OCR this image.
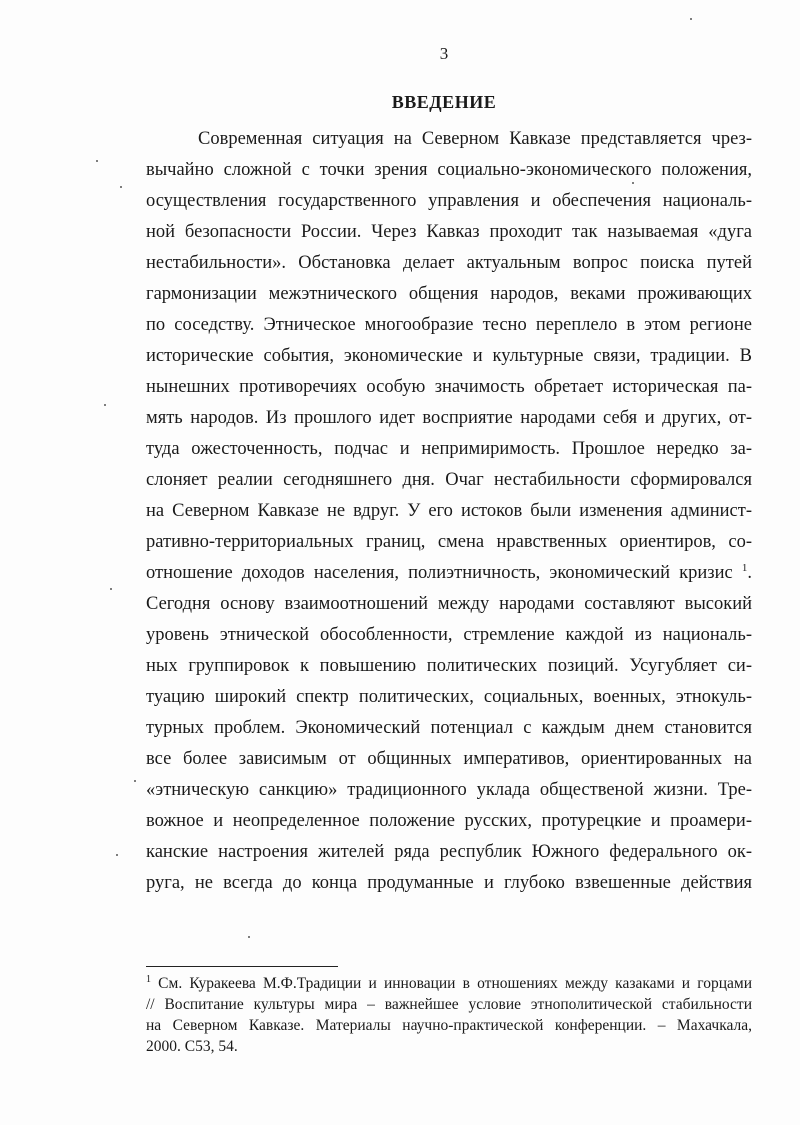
3
ВВЕДЕНИЕ
Современная ситуация на Северном Кавказе представляется чрез-
вычайно сложной с точки зрения социально-экономического положения,
осуществления государственного управления и обеспечения националь-
ной безопасности России. Через Кавказ проходит так называемая «дуга
нестабильности». Обстановка делает актуальным вопрос поиска путей
гармонизации межэтнического общения народов, веками проживающих
по соседству. Этническое многообразие тесно переплело в этом регионе
исторические события, экономические и культурные связи, традиции. В
нынешних противоречиях особую значимость обретает историческая па-
мять народов. Из прошлого идет восприятие народами себя и других, от-
туда ожесточенность, подчас и непримиримость. Прошлое нередко за-
слоняет реалии сегодняшнего дня. Очаг нестабильности сформировался
на Северном Кавказе не вдруг. У его истоков были изменения админист-
ративно-территориальных границ, смена нравственных ориентиров, со-
отношение доходов населения, полиэтничность, экономический кризис $^1$.
Сегодня основу взаимоотношений между народами составляют высокий
уровень этнической обособленности, стремление каждой из националь-
ных группировок к повышению политических позиций. Усугубляет си-
туацию широкий спектр политических, социальных, военных, этнокуль-
турных проблем. Экономический потенциал с каждым днем становится
все более зависимым от общинных императивов, ориентированных на
«этническую санкцию» традиционного уклада общественой жизни. Тре-
вожное и неопределенное положение русских, протурецкие и проамери-
канские настроения жителей ряда республик Южного федерального ок-
руга, не всегда до конца продуманные и глубоко взвешенные действия
$^1$ См. Куракеева М.Ф.Традиции и инновации в отношениях между казаками и горцами
// Воспитание культуры мира – важнейшее условие этнополитической стабильности
на Северном Кавказе. Материалы научно-практической конференции. – Махачкала,
2000. С53, 54.
